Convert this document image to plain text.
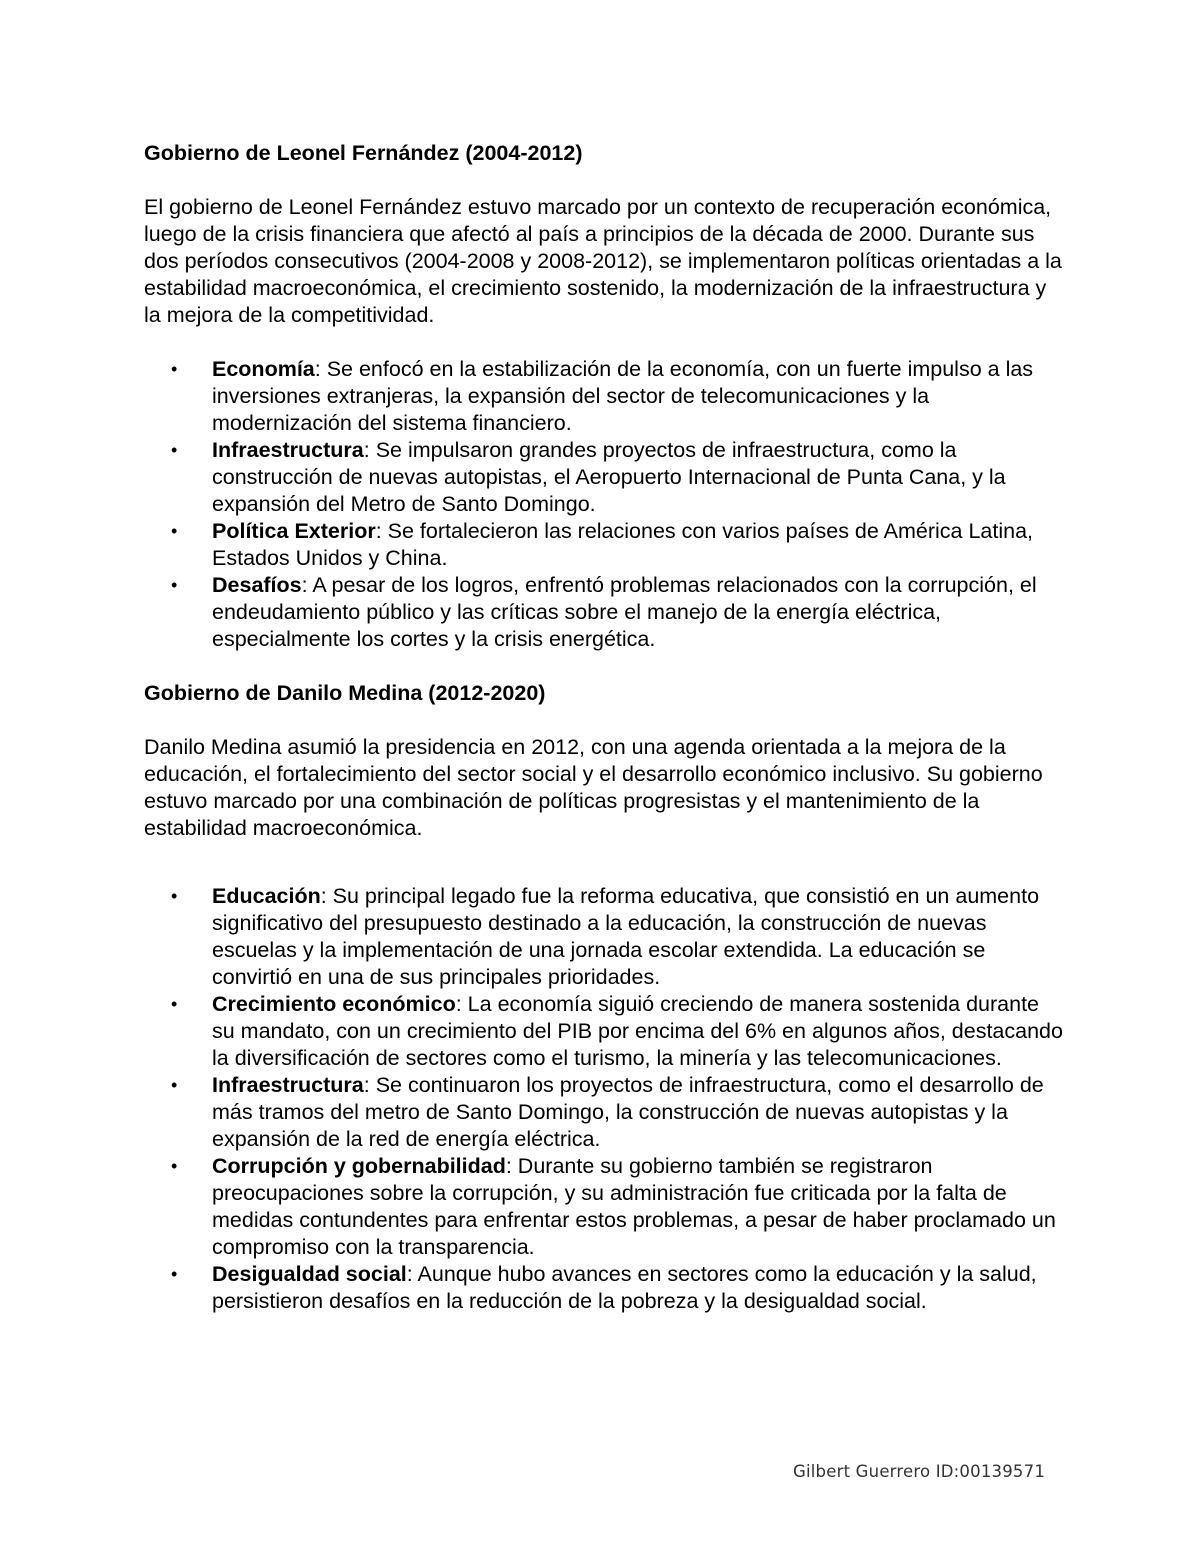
Gobierno de Leonel Fernández (2004-2012)

El gobierno de Leonel Fernández estuvo marcado por un contexto de recuperación económica, luego de la crisis financiera que afectó al país a principios de la década de 2000. Durante sus dos períodos consecutivos (2004-2008 y 2008-2012), se implementaron políticas orientadas a la estabilidad macroeconómica, el crecimiento sostenido, la modernización de la infraestructura y la mejora de la competitividad.

• Economía: Se enfocó en la estabilización de la economía, con un fuerte impulso a las inversiones extranjeras, la expansión del sector de telecomunicaciones y la modernización del sistema financiero.
• Infraestructura: Se impulsaron grandes proyectos de infraestructura, como la construcción de nuevas autopistas, el Aeropuerto Internacional de Punta Cana, y la expansión del Metro de Santo Domingo.
• Política Exterior: Se fortalecieron las relaciones con varios países de América Latina, Estados Unidos y China.
• Desafíos: A pesar de los logros, enfrentó problemas relacionados con la corrupción, el endeudamiento público y las críticas sobre el manejo de la energía eléctrica, especialmente los cortes y la crisis energética.
Gobierno de Danilo Medina (2012-2020)

Danilo Medina asumió la presidencia en 2012, con una agenda orientada a la mejora de la educación, el fortalecimiento del sector social y el desarrollo económico inclusivo. Su gobierno estuvo marcado por una combinación de políticas progresistas y el mantenimiento de la estabilidad macroeconómica.

• Educación: Su principal legado fue la reforma educativa, que consistió en un aumento significativo del presupuesto destinado a la educación, la construcción de nuevas escuelas y la implementación de una jornada escolar extendida. La educación se convirtió en una de sus principales prioridades.
• Crecimiento económico: La economía siguió creciendo de manera sostenida durante su mandato, con un crecimiento del PIB por encima del 6% en algunos años, destacando la diversificación de sectores como el turismo, la minería y las telecomunicaciones.
• Infraestructura: Se continuaron los proyectos de infraestructura, como el desarrollo de más tramos del metro de Santo Domingo, la construcción de nuevas autopistas y la expansión de la red de energía eléctrica.
• Corrupción y gobernabilidad: Durante su gobierno también se registraron preocupaciones sobre la corrupción, y su administración fue criticada por la falta de medidas contundentes para enfrentar estos problemas, a pesar de haber proclamado un compromiso con la transparencia.
• Desigualdad social: Aunque hubo avances en sectores como la educación y la salud, persistieron desafíos en la reducción de la pobreza y la desigualdad social.
Gilbert Guerrero ID:00139571
